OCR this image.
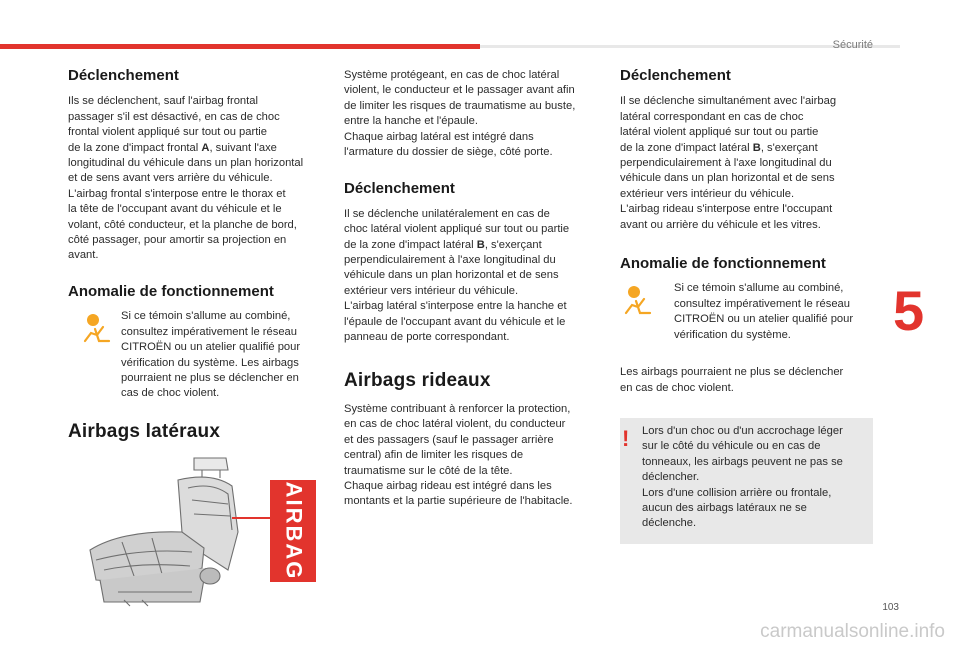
Sécurité
5
103
carmanualsonline.info
Déclenchement

Ils se déclenchent, sauf l'airbag frontal

passager s'il est désactivé, en cas de choc

frontal violent appliqué sur tout ou partie

de la zone d'impact frontal A, suivant l'axe

longitudinal du véhicule dans un plan horizontal

et de sens avant vers arrière du véhicule.

L'airbag frontal s'interpose entre le thorax et

la tête de l'occupant avant du véhicule et le

volant, côté conducteur, et la planche de bord,

côté passager, pour amortir sa projection en

avant.

Anomalie de fonctionnement

Si ce témoin s'allume au combiné,

consultez impérativement le réseau

CITROËN ou un atelier qualifié pour

vérification du système. Les airbags

pourraient ne plus se déclencher en

cas de choc violent.

Airbags latéraux
AIRBAG

Système protégeant, en cas de choc latéral

violent, le conducteur et le passager avant afin

de limiter les risques de traumatisme au buste,

entre la hanche et l'épaule.

Chaque airbag latéral est intégré dans

l'armature du dossier de siège, côté porte.

Déclenchement

Il se déclenche unilatéralement en cas de

choc latéral violent appliqué sur tout ou partie

de la zone d'impact latéral B, s'exerçant

perpendiculairement à l'axe longitudinal du

véhicule dans un plan horizontal et de sens

extérieur vers intérieur du véhicule.

L'airbag latéral s'interpose entre la hanche et

l'épaule de l'occupant avant du véhicule et le

panneau de porte correspondant.

Airbags rideaux

Système contribuant à renforcer la protection,

en cas de choc latéral violent, du conducteur

et des passagers (sauf le passager arrière

central) afin de limiter les risques de

traumatisme sur le côté de la tête.

Chaque airbag rideau est intégré dans les

montants et la partie supérieure de l'habitacle.

Déclenchement

Il se déclenche simultanément avec l'airbag

latéral correspondant en cas de choc

latéral violent appliqué sur tout ou partie

de la zone d'impact latéral B, s'exerçant

perpendiculairement à l'axe longitudinal du

véhicule dans un plan horizontal et de sens

extérieur vers intérieur du véhicule.

L'airbag rideau s'interpose entre l'occupant

avant ou arrière du véhicule et les vitres.

Anomalie de fonctionnement

Si ce témoin s'allume au combiné,

consultez impérativement le réseau

CITROËN ou un atelier qualifié pour

vérification du système.

Les airbags pourraient ne plus se déclencher

en cas de choc violent.

! Lors d'un choc ou d'un accrochage léger

sur le côté du véhicule ou en cas de

tonneaux, les airbags peuvent ne pas se

déclencher.

Lors d'une collision arrière ou frontale,

aucun des airbags latéraux ne se

déclenche.
